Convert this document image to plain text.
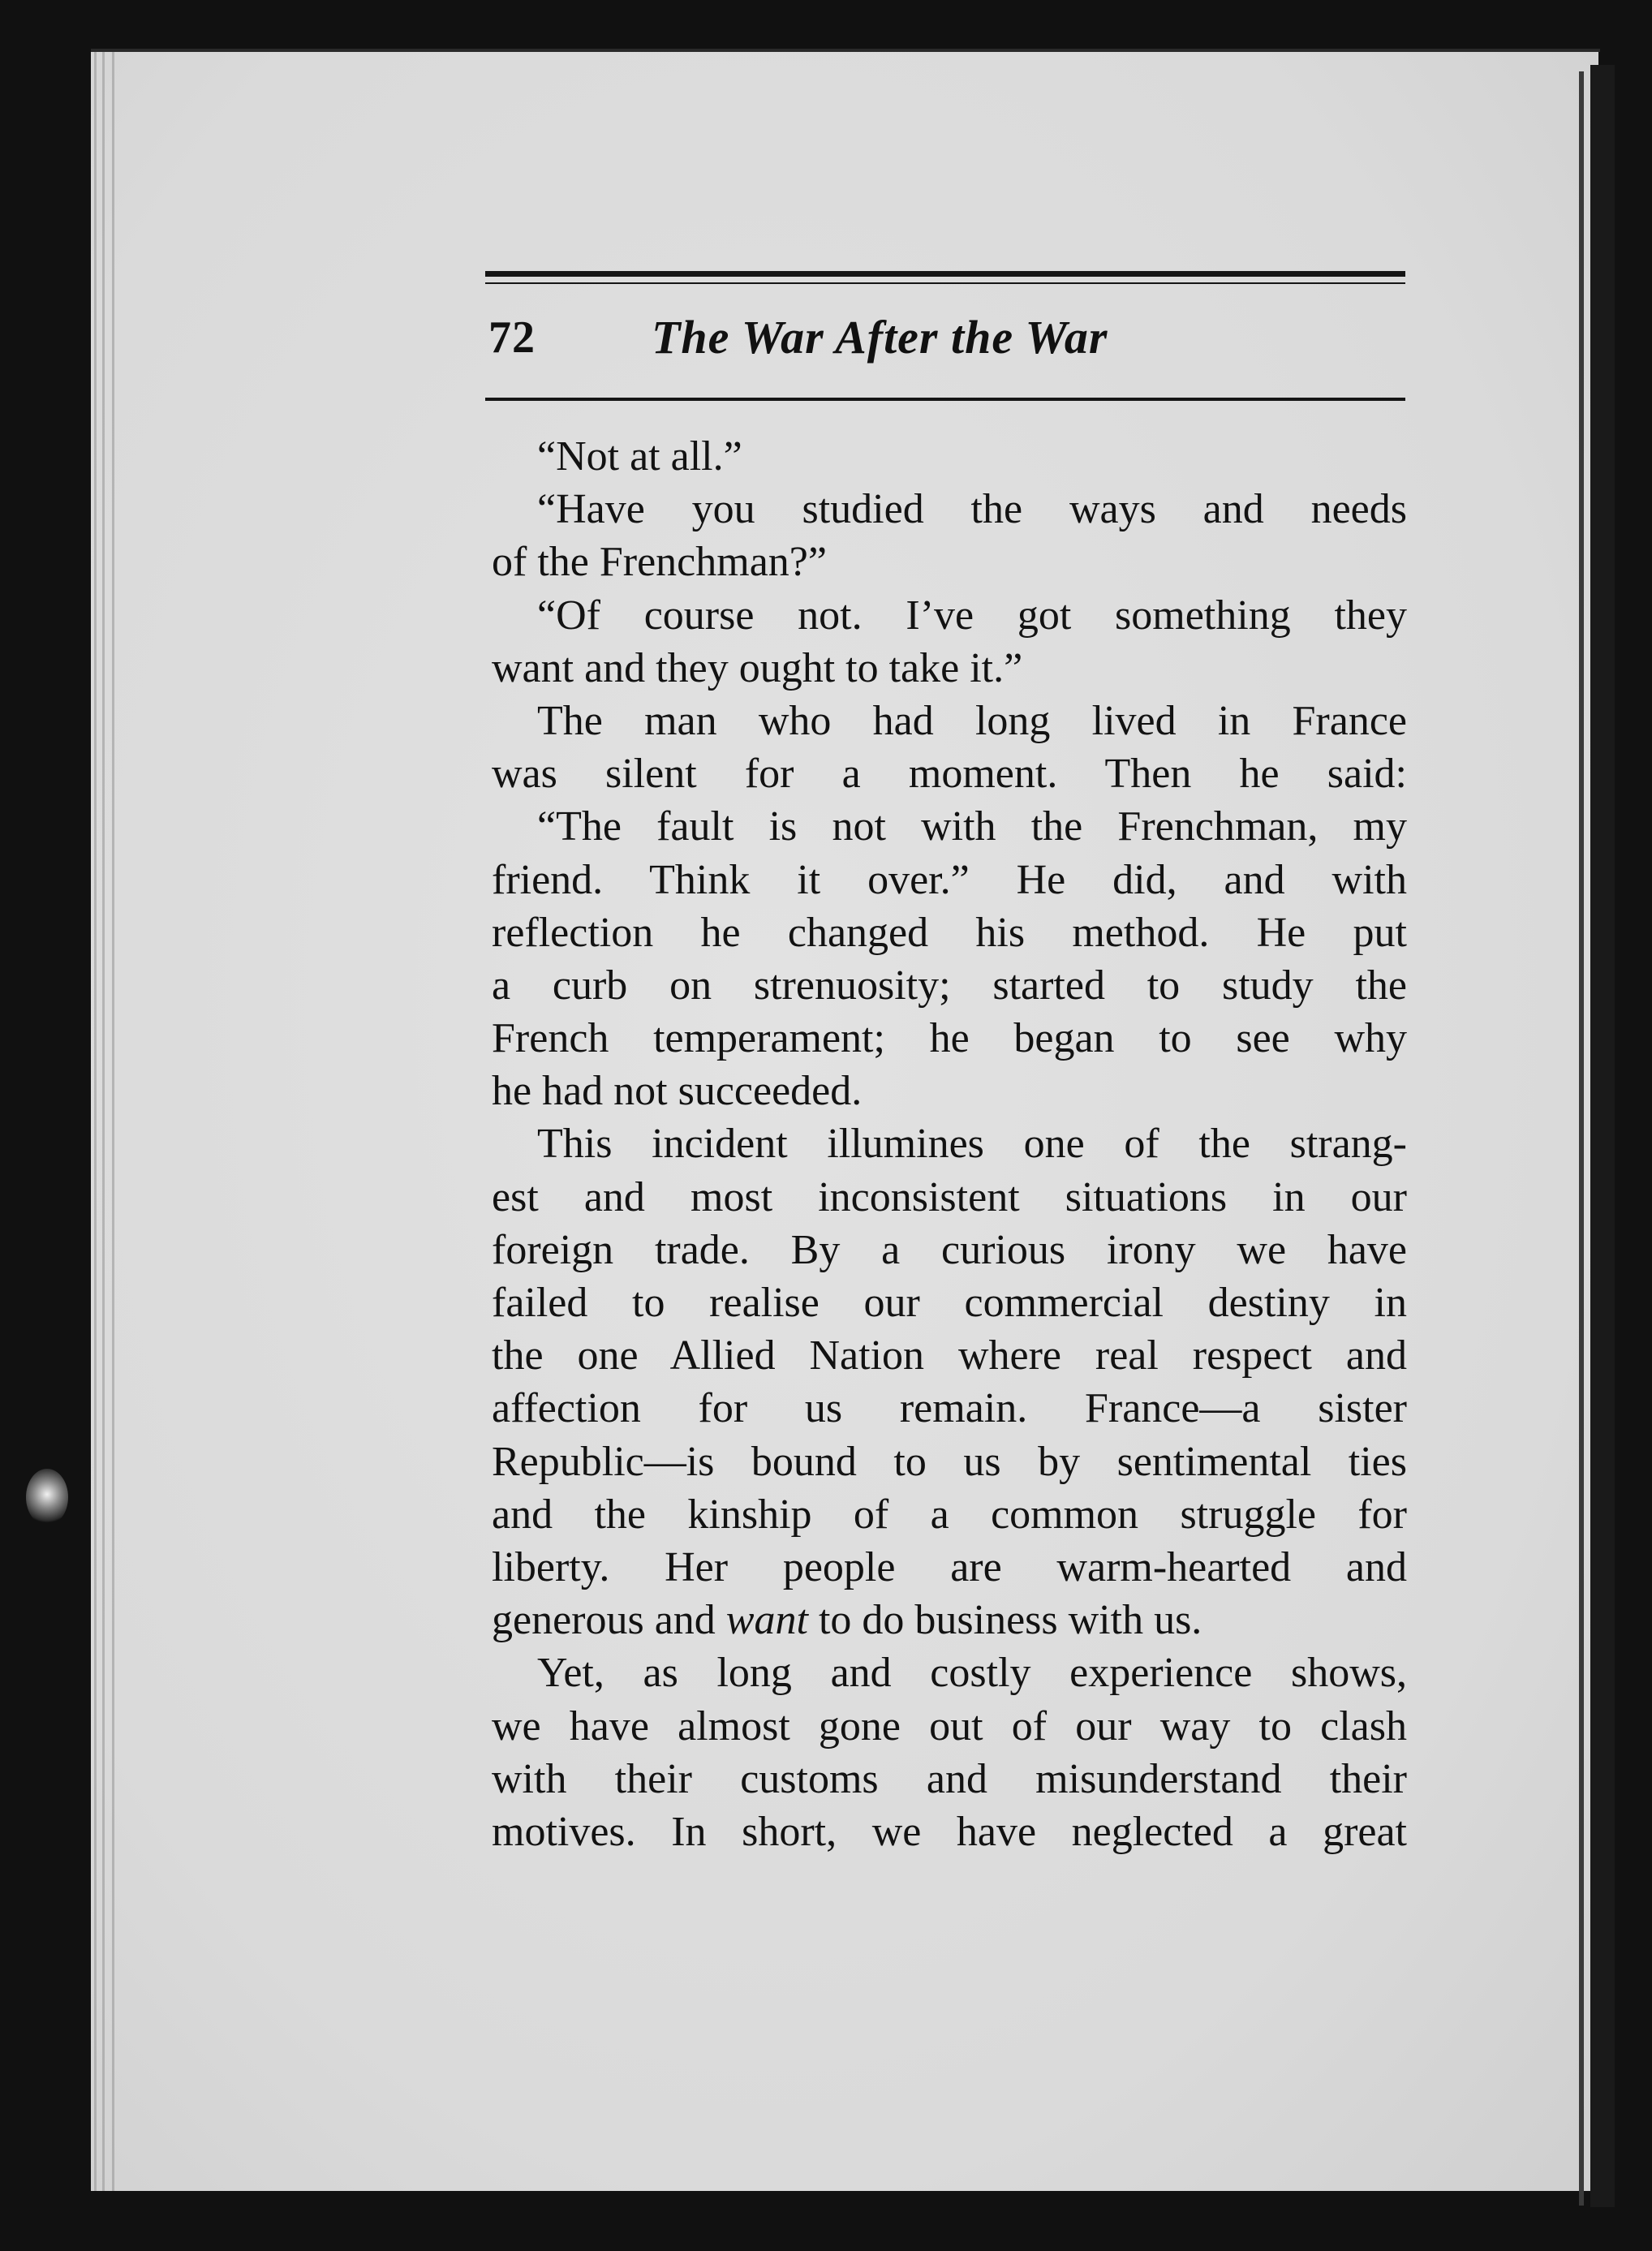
72 The War After the War
“Not at all.”
“Have you studied the ways and needs
of the Frenchman?”
“Of course not. I’ve got something they
want and they ought to take it.”
The man who had long lived in France
was silent for a moment. Then he said:
“The fault is not with the Frenchman, my
friend. Think it over.” He did, and with
reflection he changed his method. He put
a curb on strenuosity; started to study the
French temperament; he began to see why
he had not succeeded.
This incident illumines one of the strang-
est and most inconsistent situations in our
foreign trade. By a curious irony we have
failed to realise our commercial destiny in
the one Allied Nation where real respect and
affection for us remain. France—a sister
Republic—is bound to us by sentimental ties
and the kinship of a common struggle for
liberty. Her people are warm-hearted and
generous and want to do business with us.
Yet, as long and costly experience shows,
we have almost gone out of our way to clash
with their customs and misunderstand their
motives. In short, we have neglected a great
